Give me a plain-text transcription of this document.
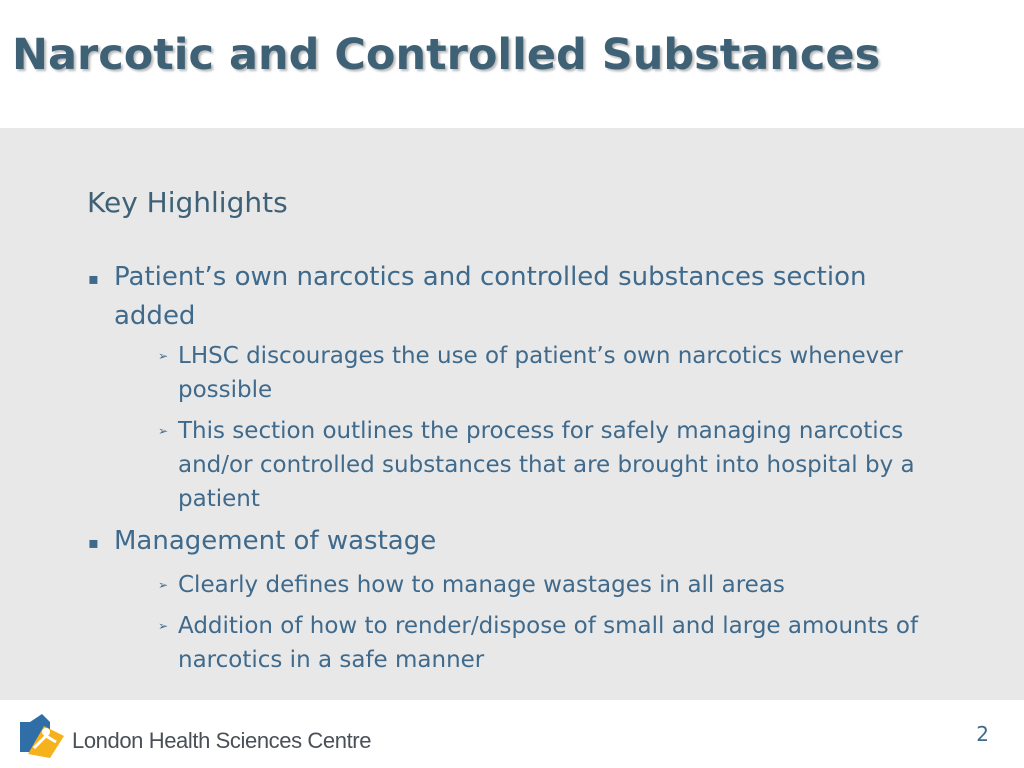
Narcotic and Controlled Substances
Key Highlights
▪ Patient’s own narcotics and controlled substances section added
➢ LHSC discourages the use of patient’s own narcotics whenever possible
➢ This section outlines the process for safely managing narcotics and/or controlled substances that are brought into hospital by a patient
▪ Management of wastage
➢ Clearly defines how to manage wastages in all areas
➢ Addition of how to render/dispose of small and large amounts of narcotics in a safe manner
London Health Sciences Centre	2
